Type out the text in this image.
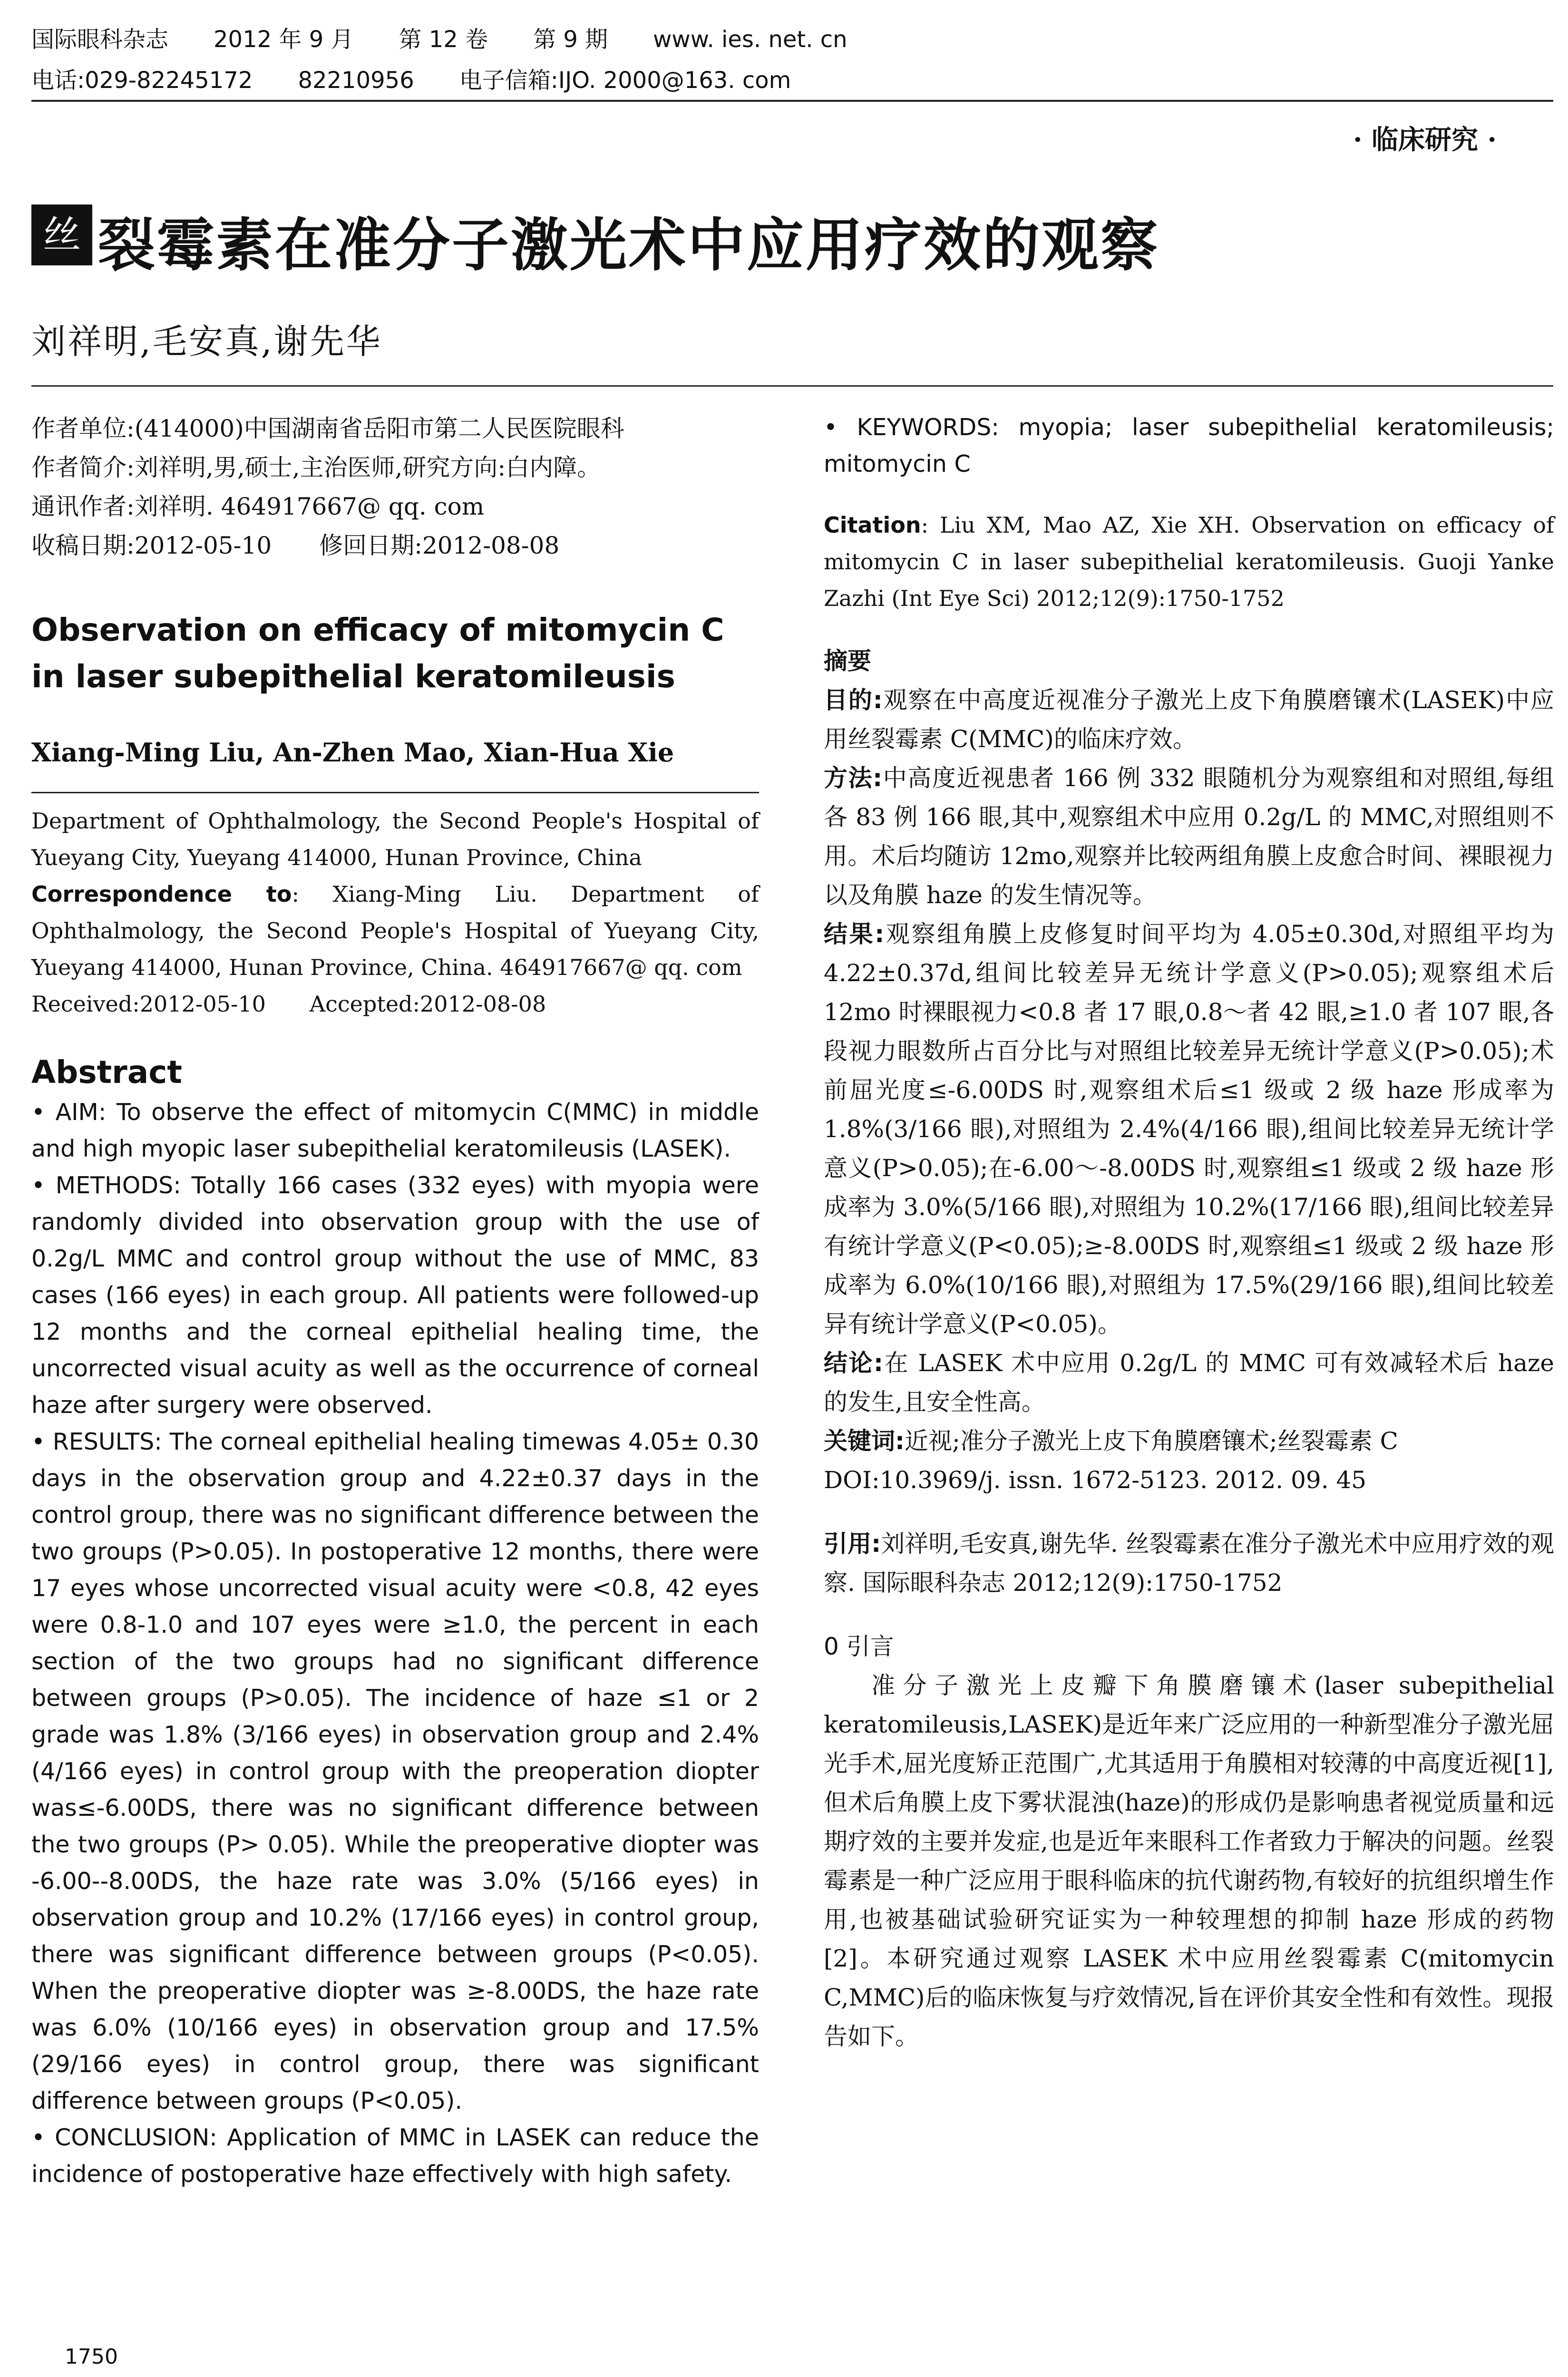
国际眼科杂志 2012 年 9 月 第 12 卷 第 9 期 www. ies. net. cn
电话:029-82245172 82210956 电子信箱:IJO. 2000@163. com
· 临床研究 ·
丝 裂霉素在准分子激光术中应用疗效的观察
刘祥明,毛安真,谢先华

作者单位:(414000)中国湖南省岳阳市第二人民医院眼科

作者简介:刘祥明,男,硕士,主治医师,研究方向:白内障。

通讯作者:刘祥明. 464917667@ qq. com

收稿日期:2012-05-10　　修回日期:2012-08-08

Observation on efficacy of mitomycin C in laser subepithelial keratomileusis
Xiang-Ming Liu, An-Zhen Mao, Xian-Hua Xie

Department of Ophthalmology, the Second People's Hospital of Yueyang City, Yueyang 414000, Hunan Province, China

Correspondence to: Xiang-Ming Liu. Department of Ophthalmology, the Second People's Hospital of Yueyang City, Yueyang 414000, Hunan Province, China. 464917667@ qq. com

Received:2012-05-10　　Accepted:2012-08-08

Abstract

• AIM: To observe the effect of mitomycin C(MMC) in middle and high myopic laser subepithelial keratomileusis (LASEK).

• METHODS: Totally 166 cases (332 eyes) with myopia were randomly divided into observation group with the use of 0.2g/L MMC and control group without the use of MMC, 83 cases (166 eyes) in each group. All patients were followed-up 12 months and the corneal epithelial healing time, the uncorrected visual acuity as well as the occurrence of corneal haze after surgery were observed.

• RESULTS: The corneal epithelial healing timewas 4.05± 0.30 days in the observation group and 4.22±0.37 days in the control group, there was no significant difference between the two groups (P>0.05). In postoperative 12 months, there were 17 eyes whose uncorrected visual acuity were <0.8, 42 eyes were 0.8-1.0 and 107 eyes were ≥1.0, the percent in each section of the two groups had no significant difference between groups (P>0.05). The incidence of haze ≤1 or 2 grade was 1.8% (3/166 eyes) in observation group and 2.4% (4/166 eyes) in control group with the preoperation diopter was≤-6.00DS, there was no significant difference between the two groups (P> 0.05). While the preoperative diopter was -6.00--8.00DS, the haze rate was 3.0% (5/166 eyes) in observation group and 10.2% (17/166 eyes) in control group, there was significant difference between groups (P<0.05). When the preoperative diopter was ≥-8.00DS, the haze rate was 6.0% (10/166 eyes) in observation group and 17.5% (29/166 eyes) in control group, there was significant difference between groups (P<0.05).

• CONCLUSION: Application of MMC in LASEK can reduce the incidence of postoperative haze effectively with high safety.

• KEYWORDS: myopia; laser subepithelial keratomileusis; mitomycin C

Citation: Liu XM, Mao AZ, Xie XH. Observation on efficacy of mitomycin C in laser subepithelial keratomileusis. Guoji Yanke Zazhi (Int Eye Sci) 2012;12(9):1750-1752

摘要

目的:观察在中高度近视准分子激光上皮下角膜磨镶术(LASEK)中应用丝裂霉素 C(MMC)的临床疗效。

方法:中高度近视患者 166 例 332 眼随机分为观察组和对照组,每组各 83 例 166 眼,其中,观察组术中应用 0.2g/L 的 MMC,对照组则不用。术后均随访 12mo,观察并比较两组角膜上皮愈合时间、裸眼视力以及角膜 haze 的发生情况等。

结果:观察组角膜上皮修复时间平均为 4.05±0.30d,对照组平均为 4.22±0.37d,组间比较差异无统计学意义(P>0.05);观察组术后 12mo 时裸眼视力<0.8 者 17 眼,0.8～者 42 眼,≥1.0 者 107 眼,各段视力眼数所占百分比与对照组比较差异无统计学意义(P>0.05);术前屈光度≤-6.00DS 时,观察组术后≤1 级或 2 级 haze 形成率为 1.8%(3/166 眼),对照组为 2.4%(4/166 眼),组间比较差异无统计学意义(P>0.05);在-6.00～-8.00DS 时,观察组≤1 级或 2 级 haze 形成率为 3.0%(5/166 眼),对照组为 10.2%(17/166 眼),组间比较差异有统计学意义(P<0.05);≥-8.00DS 时,观察组≤1 级或 2 级 haze 形成率为 6.0%(10/166 眼),对照组为 17.5%(29/166 眼),组间比较差异有统计学意义(P<0.05)。

结论:在 LASEK 术中应用 0.2g/L 的 MMC 可有效减轻术后 haze 的发生,且安全性高。

关键词:近视;准分子激光上皮下角膜磨镶术;丝裂霉素 C

DOI:10.3969/j. issn. 1672-5123. 2012. 09. 45

引用:刘祥明,毛安真,谢先华. 丝裂霉素在准分子激光术中应用疗效的观察. 国际眼科杂志 2012;12(9):1750-1752

0 引言

准分子激光上皮瓣下角膜磨镶术(laser subepithelial keratomileusis,LASEK)是近年来广泛应用的一种新型准分子激光屈光手术,屈光度矫正范围广,尤其适用于角膜相对较薄的中高度近视[1],但术后角膜上皮下雾状混浊(haze)的形成仍是影响患者视觉质量和远期疗效的主要并发症,也是近年来眼科工作者致力于解决的问题。丝裂霉素是一种广泛应用于眼科临床的抗代谢药物,有较好的抗组织增生作用,也被基础试验研究证实为一种较理想的抑制 haze 形成的药物[2]。本研究通过观察 LASEK 术中应用丝裂霉素 C(mitomycin C,MMC)后的临床恢复与疗效情况,旨在评价其安全性和有效性。现报告如下。

1750
